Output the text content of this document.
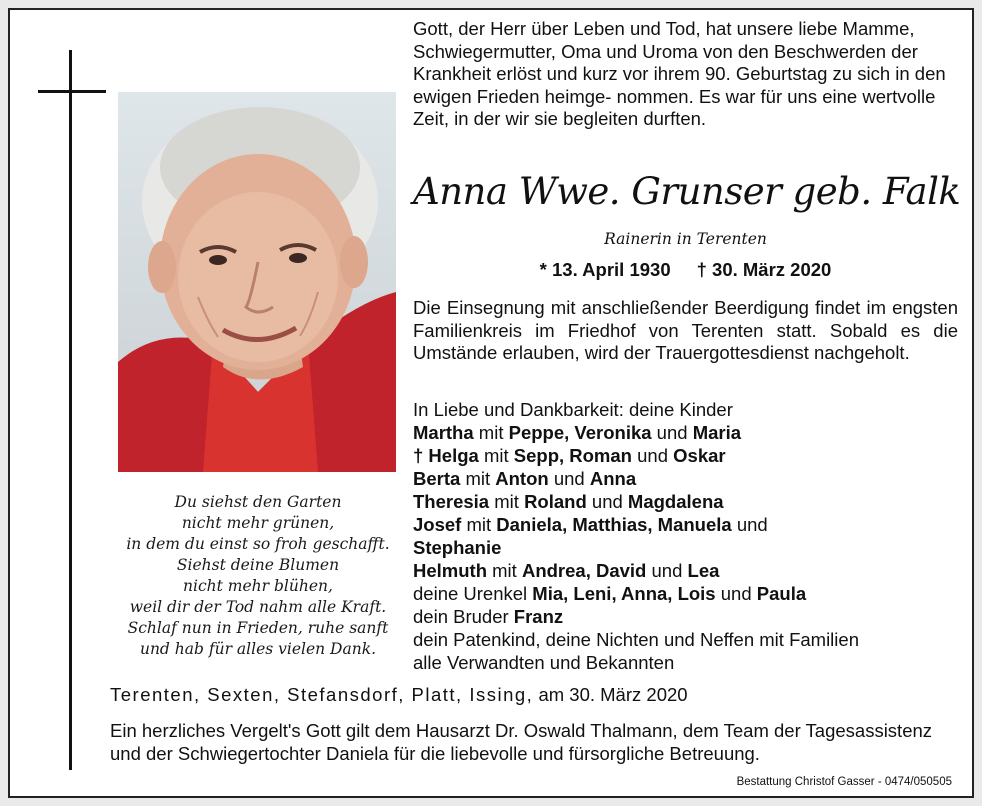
Du siehst den Garten
nicht mehr grünen,
in dem du einst so froh geschafft.
Siehst deine Blumen
nicht mehr blühen,
weil dir der Tod nahm alle Kraft.
Schlaf nun in Frieden, ruhe sanft
und hab für alles vielen Dank.
Gott, der Herr über Leben und Tod, hat unsere liebe Mamme, Schwiegermutter, Oma und Uroma von den Beschwerden der Krankheit erlöst und kurz vor ihrem 90. Geburtstag zu sich in den ewigen Frieden heimge- nommen. Es war für uns eine wertvolle Zeit, in der wir sie begleiten durften.
Anna Wwe. Grunser geb. Falk
Rainerin in Terenten
* 13. April 1930 † 30. März 2020
Die Einsegnung mit anschließender Beerdigung findet im engsten Familienkreis im Friedhof von Terenten statt. Sobald es die Umstände erlauben, wird der Trauergottesdienst nachgeholt.
In Liebe und Dankbarkeit: deine Kinder
Martha mit Peppe, Veronika und Maria
† Helga mit Sepp, Roman und Oskar
Berta mit Anton und Anna
Theresia mit Roland und Magdalena
Josef mit Daniela, Matthias, Manuela und
Stephanie
Helmuth mit Andrea, David und Lea
deine Urenkel Mia, Leni, Anna, Lois und Paula
dein Bruder Franz
dein Patenkind, deine Nichten und Neffen mit Familien
alle Verwandten und Bekannten
Terenten, Sexten, Stefansdorf, Platt, Issing, am 30. März 2020
Ein herzliches Vergelt's Gott gilt dem Hausarzt Dr. Oswald Thalmann, dem Team der Tagesassistenz und der Schwiegertochter Daniela für die liebevolle und fürsorgliche Betreuung.
Bestattung Christof Gasser - 0474/050505
